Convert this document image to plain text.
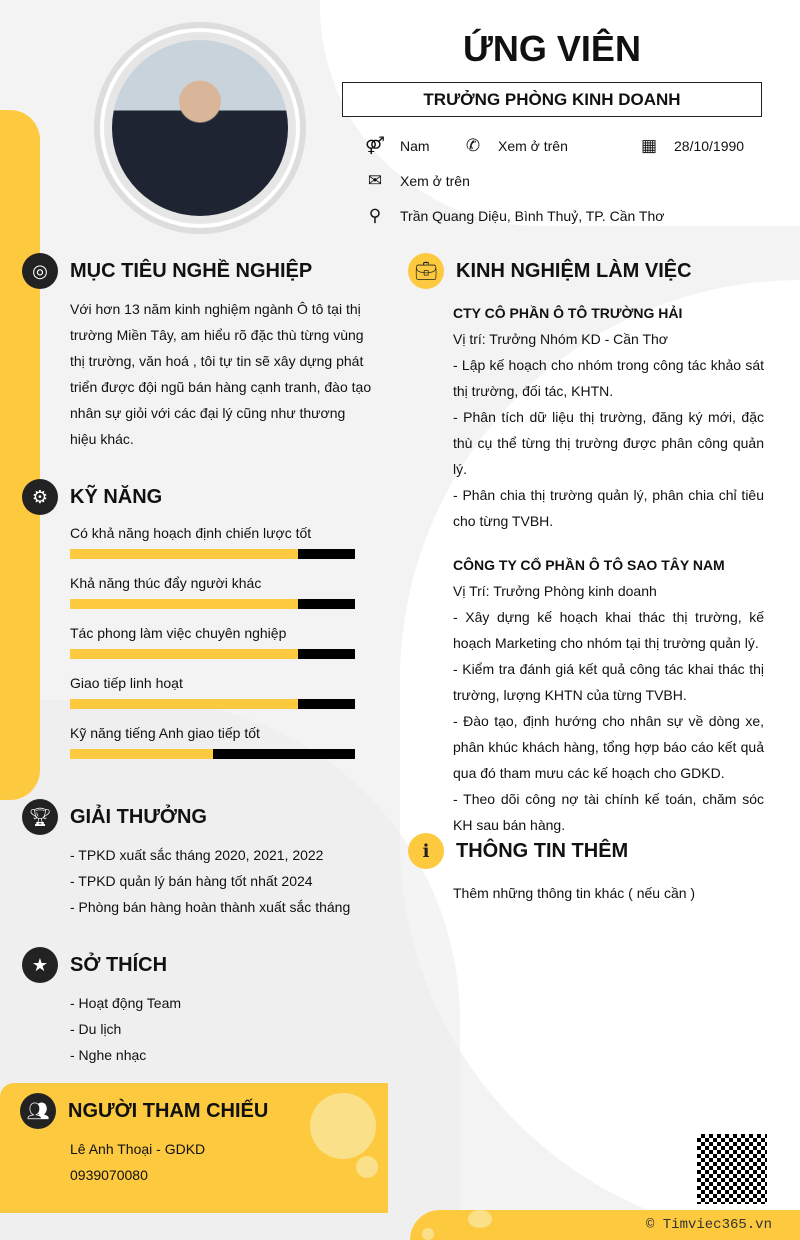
ỨNG VIÊN
TRƯỞNG PHÒNG KINH DOANH
⚤ Nam ✆ Xem ở trên	▦ 28/10/1990
✉ Xem ở trên
⚲	Trần Quang Diệu, Bình Thuỷ, TP. Cần Thơ
◎	MỤC TIÊU NGHỀ NGHIỆP
Với hơn 13 năm kinh nghiệm ngành Ô tô tại thị trường Miền Tây, am hiểu rõ đặc thù từng vùng thị trường, văn hoá , tôi tự tin sẽ xây dựng phát triển được đội ngũ bán hàng cạnh tranh, đào tạo nhân sự giỏi với các đại lý cũng như thương hiệu khác.
⚙	KỸ NĂNG
Có khả năng hoạch định chiến lược tốt
Khả năng thúc đẩy người khác
Tác phong làm việc chuyên nghiệp
Giao tiếp linh hoạt
Kỹ năng tiếng Anh giao tiếp tốt
🏆︎ GIẢI THƯỞNG
- TPKD xuất sắc tháng 2020, 2021, 2022
- TPKD quản lý bán hàng tốt nhất 2024
- Phòng bán hàng hoàn thành xuất sắc tháng
★	SỞ THÍCH
- Hoạt động Team
- Du lịch
- Nghe nhạc
👥︎ NGƯỜI THAM CHIẾU
Lê Anh Thoại - GDKD
0939070080
💼︎ KINH NGHIỆM LÀM VIỆC
CTY CÔ PHẦN Ô TÔ TRƯỜNG HẢI
Vị trí: Trưởng Nhóm KD - Cần Thơ
- Lập kế hoạch cho nhóm trong công tác khảo sát thị trường, đối tác, KHTN.
- Phân tích dữ liệu thị trường, đăng ký mới, đặc thù cụ thể từng thị trường được phân công quản lý.
- Phân chia thị trường quản lý, phân chia chỉ tiêu cho từng TVBH.
CÔNG TY CỔ PHẦN Ô TÔ SAO TÂY NAM
Vị Trí: Trưởng Phòng kinh doanh
- Xây dựng kế hoạch khai thác thị trường, kế hoạch Marketing cho nhóm tại thị trường quản lý.
- Kiểm tra đánh giá kết quả công tác khai thác thị trường, lượng KHTN của từng TVBH.
- Đào tạo, định hướng cho nhân sự về dòng xe, phân khúc khách hàng, tổng hợp báo cáo kết quả qua đó tham mưu các kế hoạch cho GDKD.
- Theo dõi công nợ tài chính kế toán, chăm sóc KH sau bán hàng.
ℹ	THÔNG TIN THÊM
Thêm những thông tin khác ( nếu cần )
© Timviec365.vn
